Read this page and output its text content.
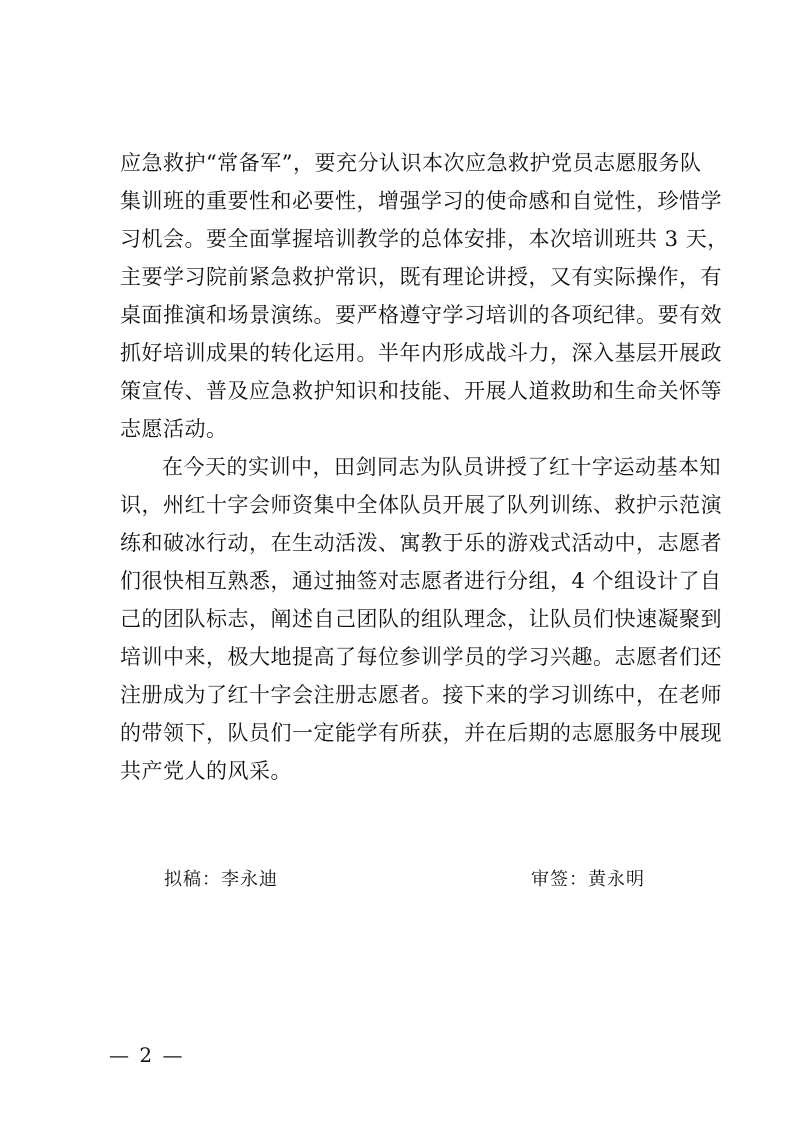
应急救护“常备军”，要充分认识本次应急救护党员志愿服务队
集训班的重要性和必要性，增强学习的使命感和自觉性，珍惜学
习机会。要全面掌握培训教学的总体安排，本次培训班共 3 天，
主要学习院前紧急救护常识，既有理论讲授，又有实际操作，有
桌面推演和场景演练。要严格遵守学习培训的各项纪律。要有效
抓好培训成果的转化运用。半年内形成战斗力，深入基层开展政
策宣传、普及应急救护知识和技能、开展人道救助和生命关怀等
志愿活动。
在今天的实训中，田剑同志为队员讲授了红十字运动基本知
识，州红十字会师资集中全体队员开展了队列训练、救护示范演
练和破冰行动，在生动活泼、寓教于乐的游戏式活动中，志愿者
们很快相互熟悉，通过抽签对志愿者进行分组，4 个组设计了自
己的团队标志，阐述自己团队的组队理念，让队员们快速凝聚到
培训中来，极大地提高了每位参训学员的学习兴趣。志愿者们还
注册成为了红十字会注册志愿者。接下来的学习训练中，在老师
的带领下，队员们一定能学有所获，并在后期的志愿服务中展现
共产党人的风采。
拟稿：李永迪	审签：黄永明
— 2 —
